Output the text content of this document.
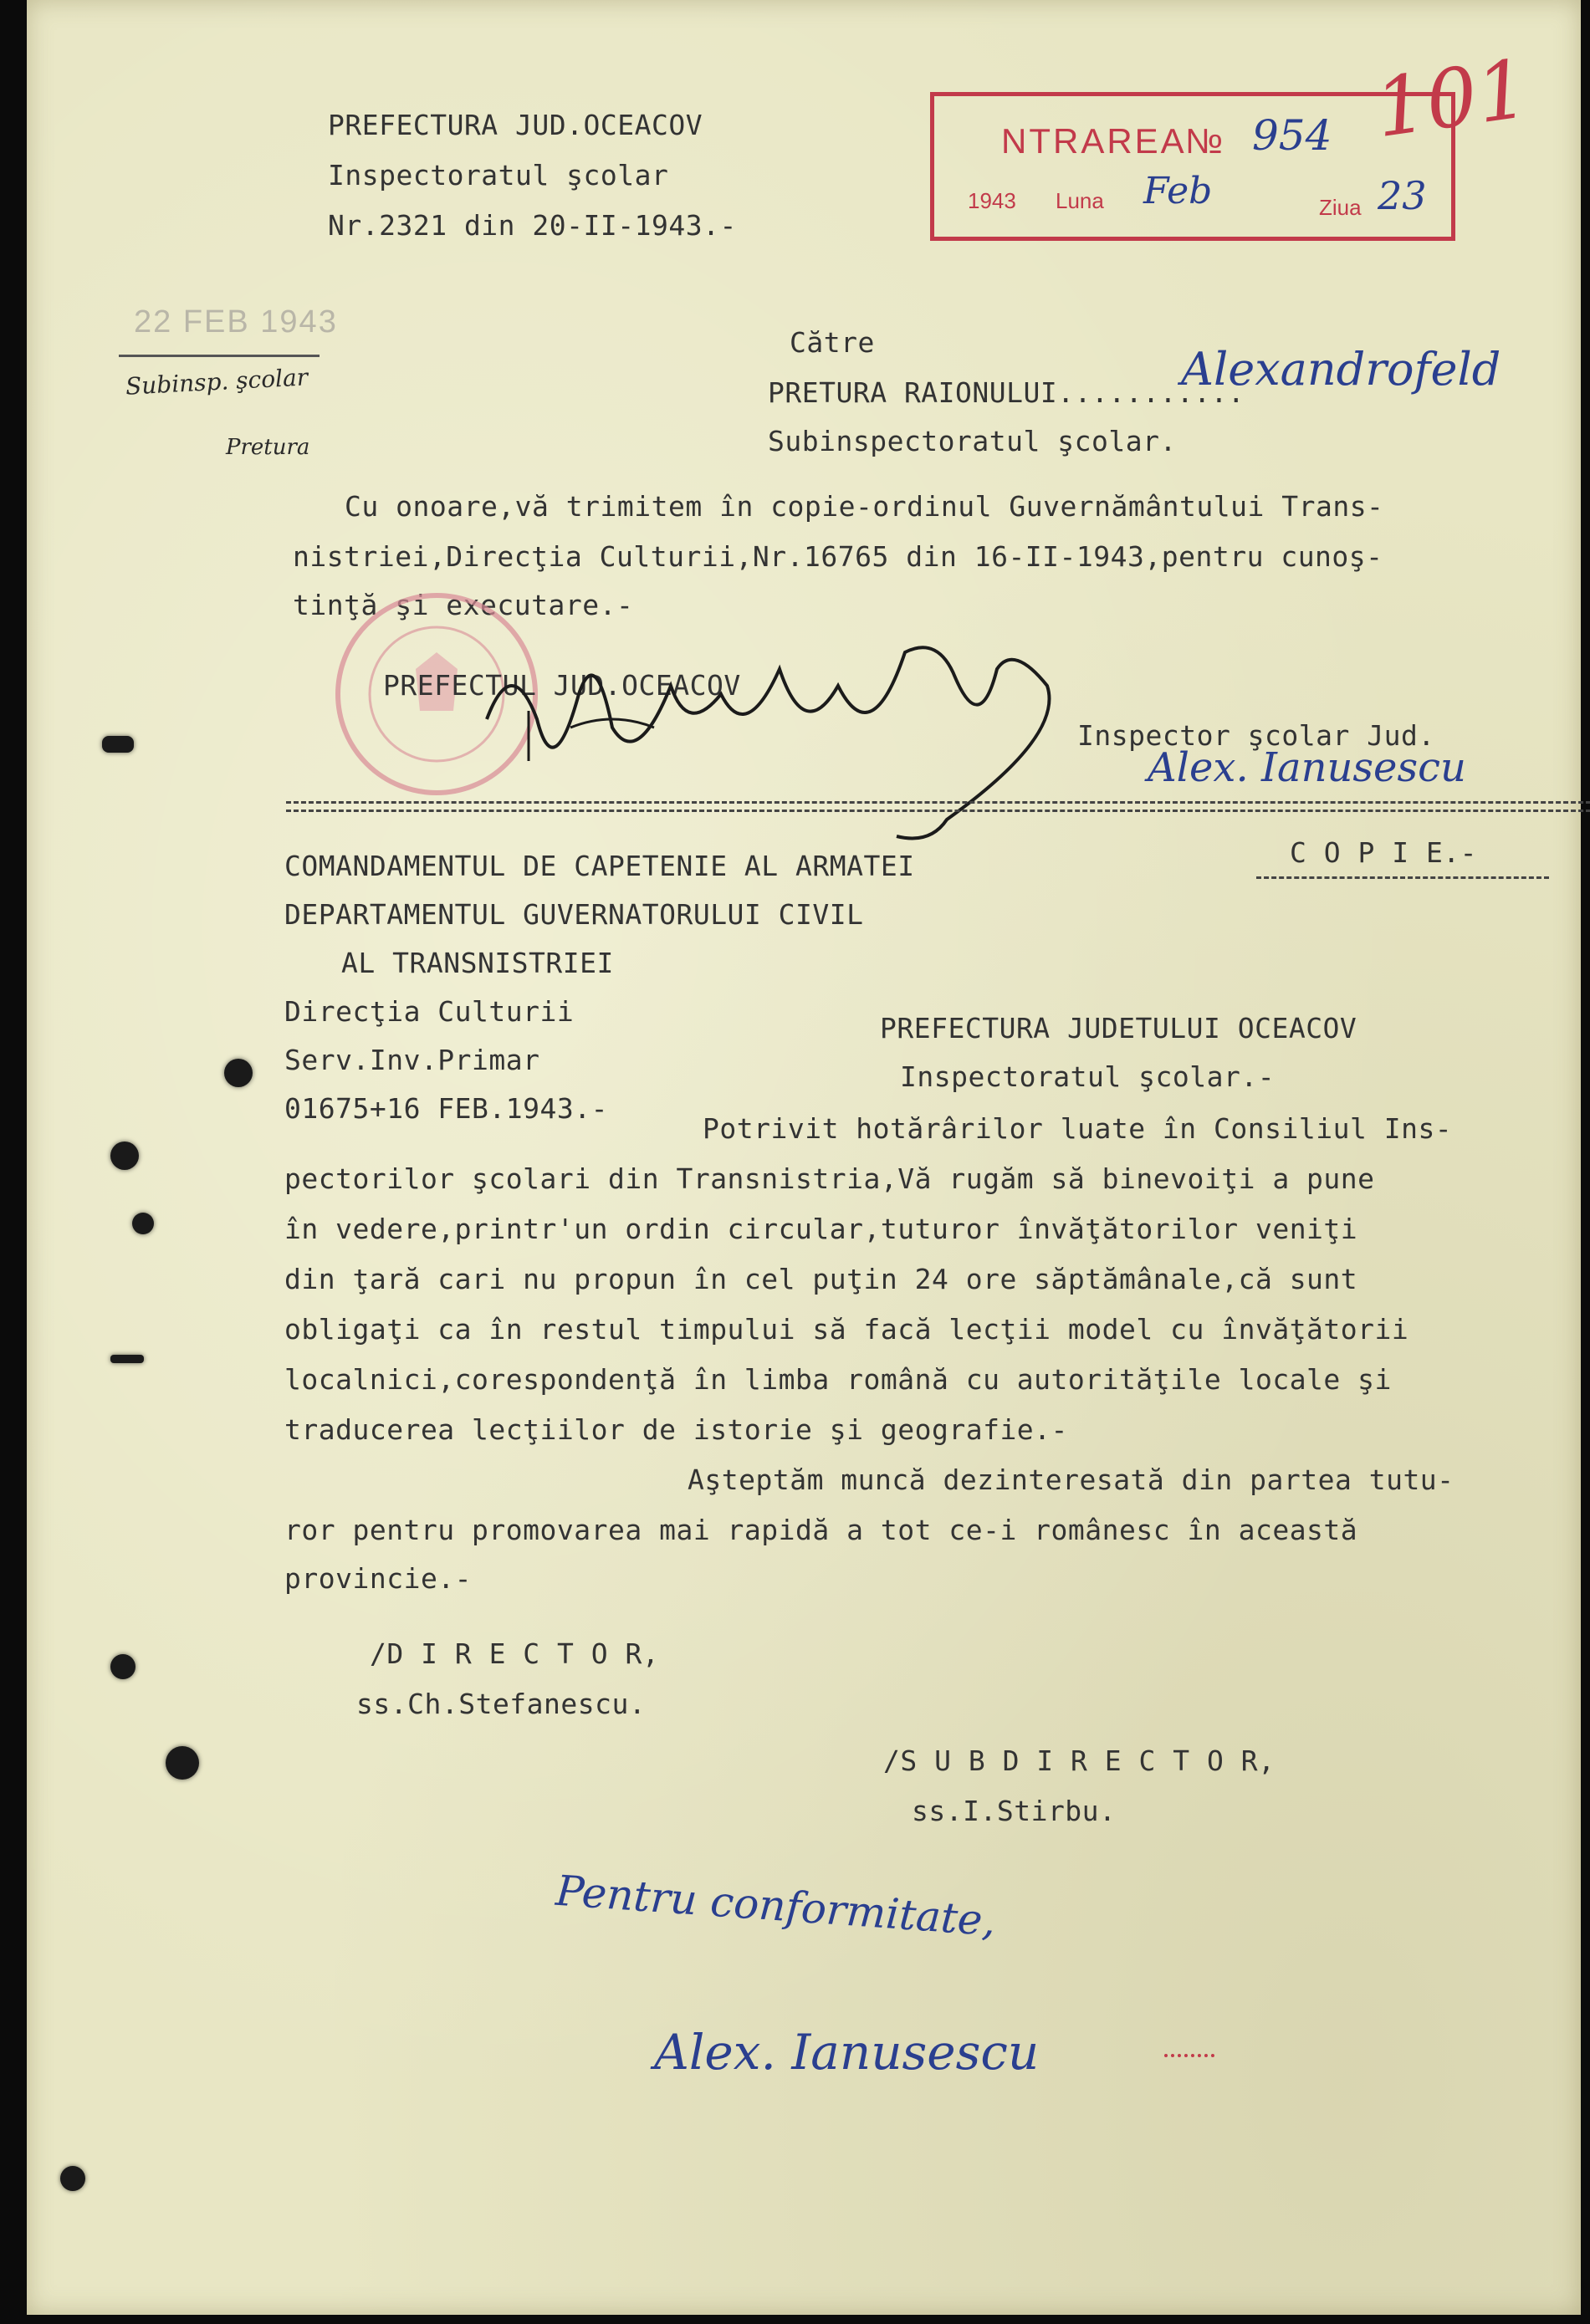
PREFECTURA JUD.OCEACOV
Inspectoratul şcolar
Nr.2321 din 20-II-1943.-
NTRAREA
№ 954
1943 Luna Feb	Ziua 23
101
22 FEB 1943
Subinsp. şcolar
Pretura
Către
PRETURA RAIONULUI...........
Alexandrofeld
Subinspectoratul şcolar.
Cu onoare,vă trimitem în copie-ordinul Guvernământului Trans-
nistriei,Direcţia Culturii,Nr.16765 din 16-II-1943,pentru cunoş-
tinţă şi executare.-
PREFECTUL JUD.OCEACOV
Inspector şcolar Jud.
Alex. Ianusescu
COMANDAMENTUL DE CAPETENIE AL ARMATEI
DEPARTAMENTUL GUVERNATORULUI CIVIL
AL TRANSNISTRIEI
Direcţia Culturii
Serv.Inv.Primar
01675+16 FEB.1943.-
C O P I E.-
PREFECTURA JUDETULUI OCEACOV
Inspectoratul şcolar.-
Potrivit hotărârilor luate în Consiliul Ins-
pectorilor şcolari din Transnistria,Vă rugăm să binevoiţi a pune
în vedere,printr'un ordin circular,tuturor învăţătorilor veniţi
din ţară cari nu propun în cel puţin 24 ore săptămânale,că sunt
obligaţi ca în restul timpului să facă lecţii model cu învăţătorii
localnici,corespondenţă în limba română cu autorităţile locale şi
traducerea lecţiilor de istorie şi geografie.-
Aşteptăm muncă dezinteresată din partea tutu-
ror pentru promovarea mai rapidă a tot ce-i românesc în această
provincie.-
/D I R E C T O R,
ss.Ch.Stefanescu.
/S U B D I R E C T O R,
ss.I.Stirbu.
Pentru conformitate,
Alex. Ianusescu
